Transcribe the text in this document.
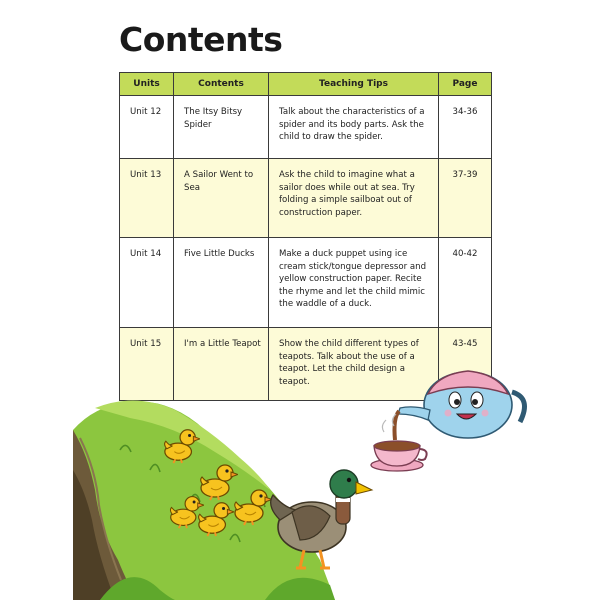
Contents
Units	Contents	Teaching Tips	Page
Unit 12	The Itsy Bitsy Spider	Talk about the characteristics of a spider and its body parts. Ask the child to draw the spider.	34-36
Unit 13	A Sailor Went to Sea	Ask the child to imagine what a sailor does while out at sea. Try folding a simple sailboat out of construction paper.	37-39
Unit 14	Five Little Ducks	Make a duck puppet using ice cream stick/tongue depressor and yellow construction paper. Recite the rhyme and let the child mimic the waddle of a duck.	40-42
Unit 15	I'm a Little Teapot	Show the child different types of teapots. Talk about the use of a teapot. Let the child design a teapot.	43-45
